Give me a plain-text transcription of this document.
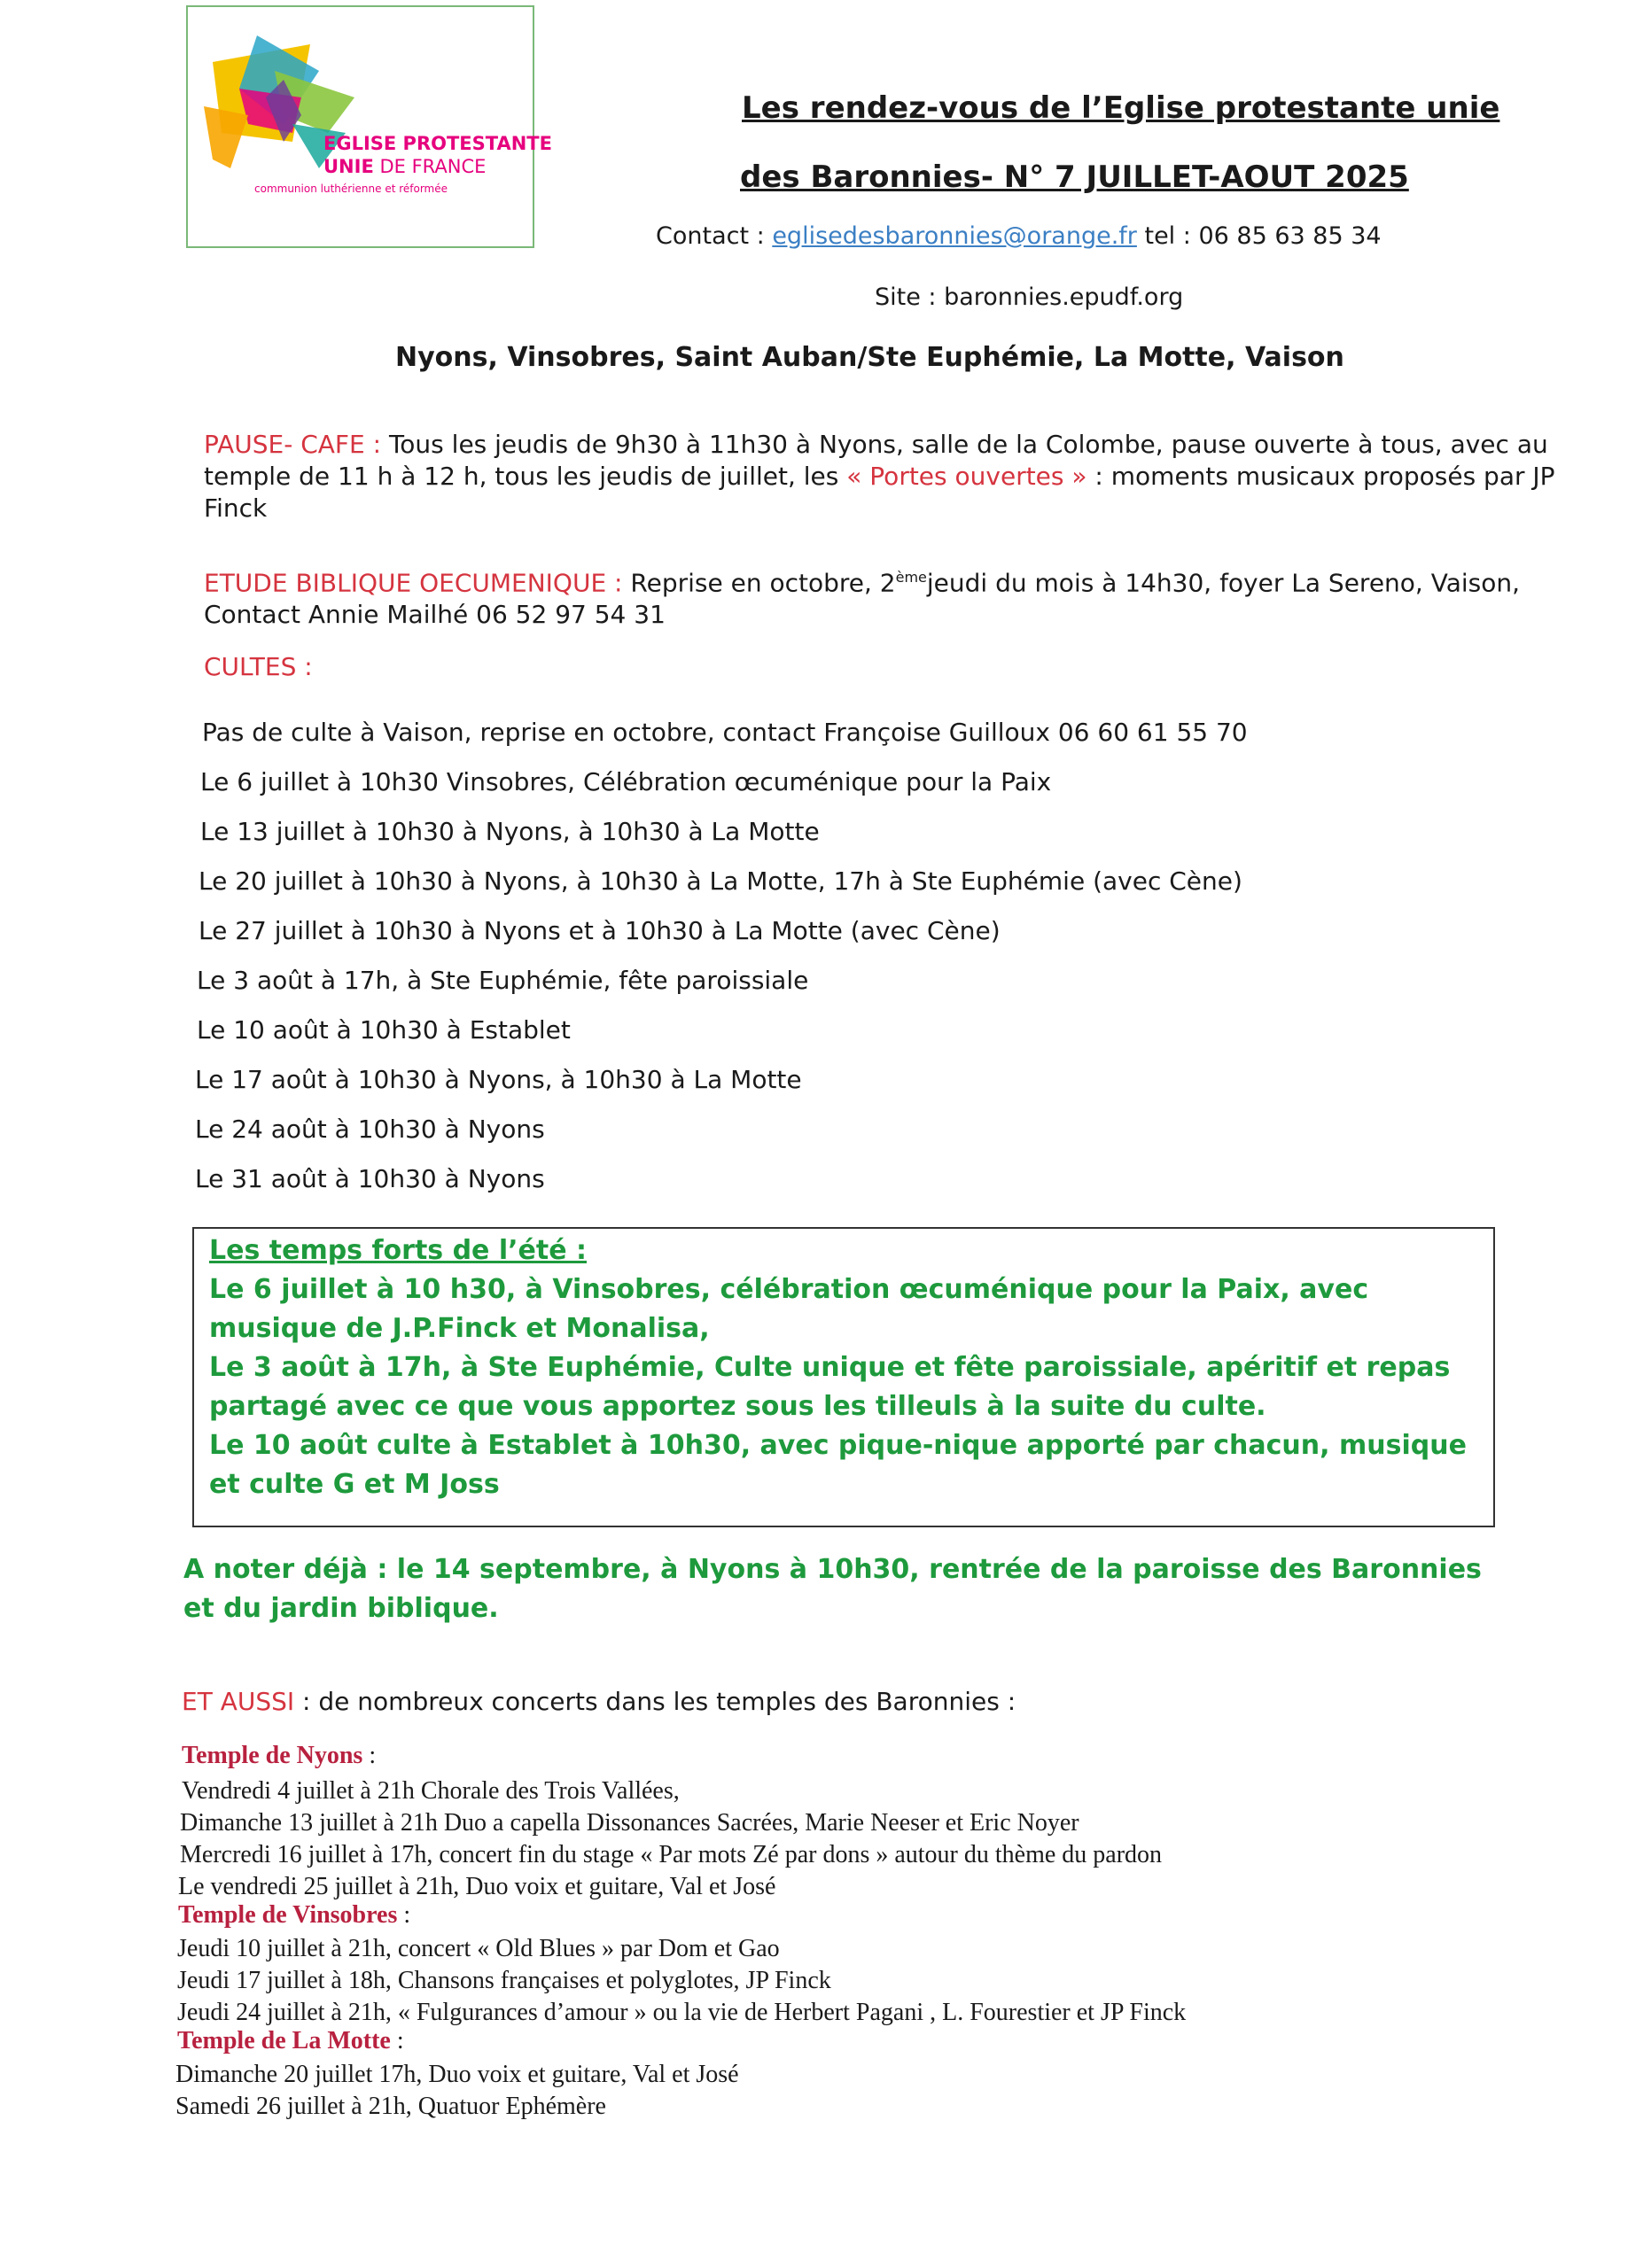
EGLISE PROTESTANTE
UNIE DE FRANCE
communion luthérienne et réformée
Les rendez-vous de l’Eglise protestante unie
des Baronnies- N° 7 JUILLET-AOUT 2025
Contact : eglisedesbaronnies@orange.fr tel : 06 85 63 85 34
Site : baronnies.epudf.org
Nyons, Vinsobres, Saint Auban/Ste Euphémie, La Motte, Vaison
PAUSE- CAFE : Tous les jeudis de 9h30 à 11h30 à Nyons, salle de la Colombe, pause ouverte à tous, avec au temple de 11 h à 12 h, tous les jeudis de juillet, les « Portes ouvertes » : moments musicaux proposés par JP Finck
ETUDE BIBLIQUE OECUMENIQUE : Reprise en octobre, 2èmejeudi du mois à 14h30, foyer La Sereno, Vaison, Contact Annie Mailhé 06 52 97 54 31
CULTES :
Pas de culte à Vaison, reprise en octobre, contact Françoise Guilloux 06 60 61 55 70
Le 6 juillet à 10h30 Vinsobres, Célébration œcuménique pour la Paix
Le 13 juillet à 10h30 à Nyons, à 10h30 à La Motte
Le 20 juillet à 10h30 à Nyons, à 10h30 à La Motte, 17h à Ste Euphémie (avec Cène)
Le 27 juillet à 10h30 à Nyons et à 10h30 à La Motte (avec Cène)
Le 3 août à 17h, à Ste Euphémie, fête paroissiale
Le 10 août à 10h30 à Establet
Le 17 août à 10h30 à Nyons, à 10h30 à La Motte
Le 24 août à 10h30 à Nyons
Le 31 août à 10h30 à Nyons
Les temps forts de l’été :
Le 6 juillet à 10 h30, à Vinsobres, célébration œcuménique pour la Paix, avec musique de J.P.Finck et Monalisa,
Le 3 août à 17h, à Ste Euphémie, Culte unique et fête paroissiale, apéritif et repas partagé avec ce que vous apportez sous les tilleuls à la suite du culte.
Le 10 août culte à Establet à 10h30, avec pique-nique apporté par chacun, musique et culte G et M Joss
A noter déjà : le 14 septembre, à Nyons à 10h30, rentrée de la paroisse des Baronnies et du jardin biblique.
ET AUSSI : de nombreux concerts dans les temples des Baronnies :
Temple de Nyons :
Vendredi 4 juillet à 21h Chorale des Trois Vallées,
Dimanche 13 juillet à 21h Duo a capella Dissonances Sacrées, Marie Neeser et Eric Noyer
Mercredi 16 juillet à 17h, concert fin du stage « Par mots Zé par dons » autour du thème du pardon
Le vendredi 25 juillet à 21h, Duo voix et guitare, Val et José
Temple de Vinsobres :
Jeudi 10 juillet à 21h, concert « Old Blues » par Dom et Gao
Jeudi 17 juillet à 18h, Chansons françaises et polyglotes, JP Finck
Jeudi 24 juillet à 21h, « Fulgurances d’amour » ou la vie de Herbert Pagani , L. Fourestier et JP Finck
Temple de La Motte :
Dimanche 20 juillet 17h, Duo voix et guitare, Val et José
Samedi 26 juillet à 21h, Quatuor Ephémère
